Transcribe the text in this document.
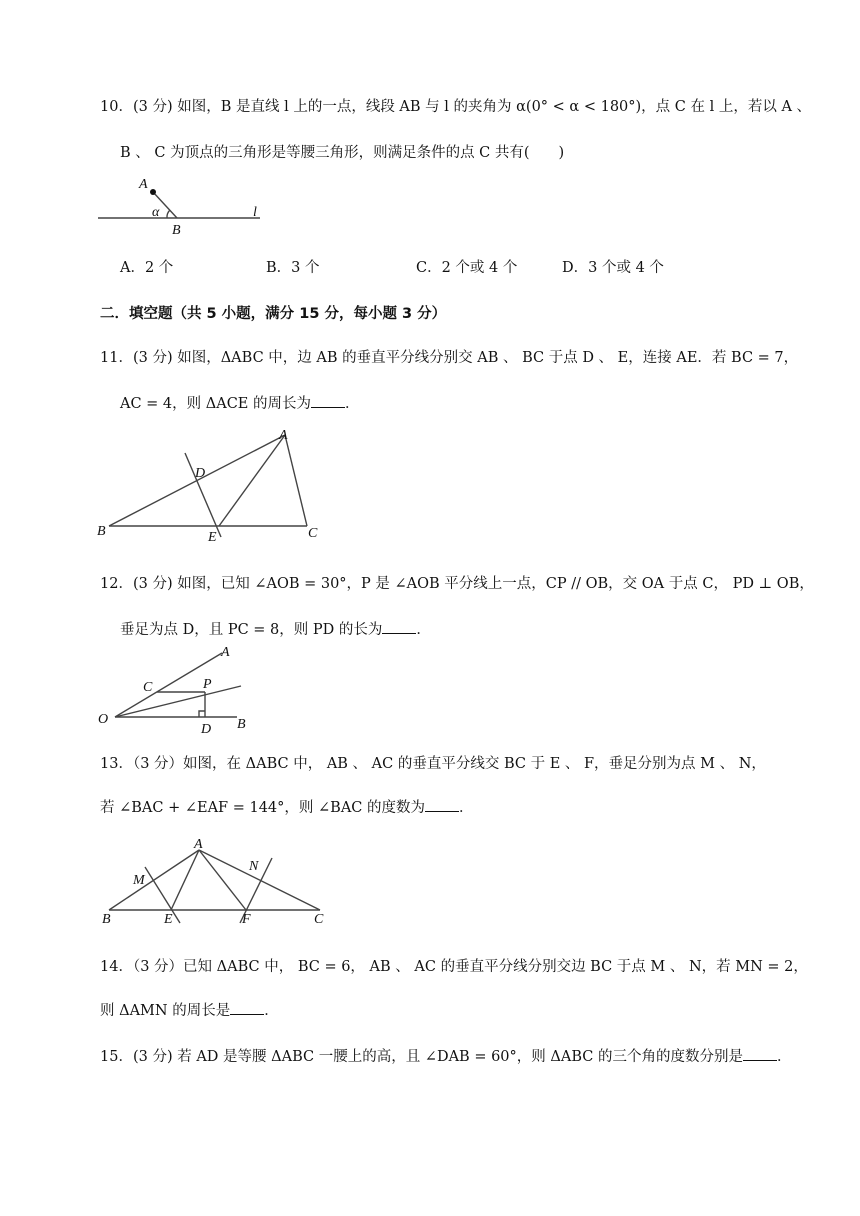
10．(3 分) 如图，B 是直线 l 上的一点，线段 AB 与 l 的夹角为 α(0° < α < 180°)，点 C 在 l 上，若以 A 、
B 、 C 为顶点的三角形是等腰三角形，则满足条件的点 C 共有(　　)
A
B
α	l
A．2 个	B．3 个	C．2 个或 4 个	D．3 个或 4 个
二．填空题（共 5 小题，满分 15 分，每小题 3 分）
11．(3 分) 如图，ΔABC 中，边 AB 的垂直平分线分别交 AB 、 BC 于点 D 、 E，连接 AE．若 BC = 7，
AC = 4，则 ΔACE 的周长为 ．
A
B	C
D
E
12．(3 分) 如图，已知 ∠AOB = 30°，P 是 ∠AOB 平分线上一点，CP // OB，交 OA 于点 C， PD ⊥ OB，
垂足为点 D，且 PC = 8，则 PD 的长为 ．
O
A
B
C	P
D
13．（3 分）如图，在 ΔABC 中， AB 、 AC 的垂直平分线交 BC 于 E 、 F，垂足分别为点 M 、 N，
若 ∠BAC + ∠EAF = 144°，则 ∠BAC 的度数为 ．
A
B	C
E	F
M
N
14．（3 分）已知 ΔABC 中， BC = 6， AB 、 AC 的垂直平分线分别交边 BC 于点 M 、 N，若 MN = 2，
则 ΔAMN 的周长是 ．
15．(3 分) 若 AD 是等腰 ΔABC 一腰上的高，且 ∠DAB = 60°，则 ΔABC 的三个角的度数分别是 ．
